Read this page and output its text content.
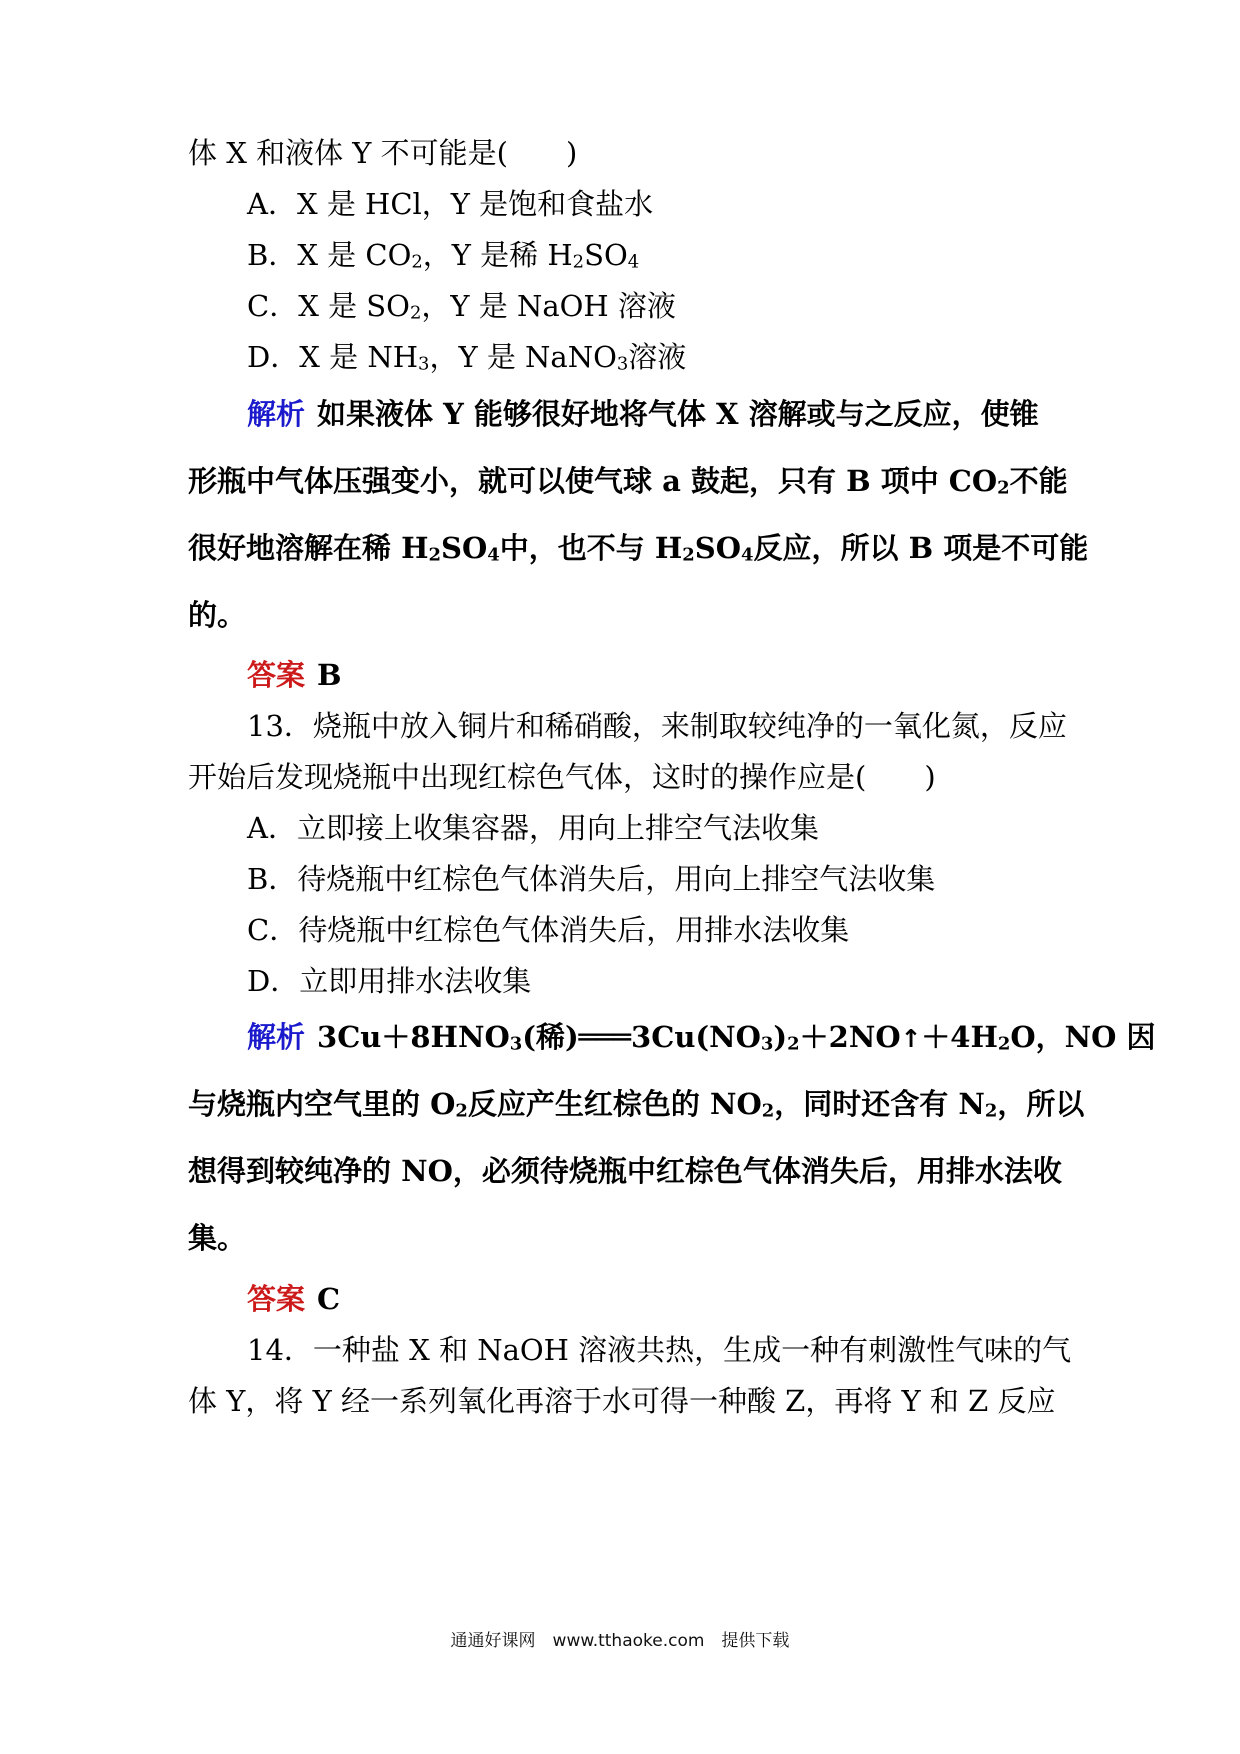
体 X 和液体 Y 不可能是(　　)
A．X 是 HCl，Y 是饱和食盐水
B．X 是 $CO_2$，Y 是稀 $H_2SO_4$
C．X 是 $SO_2$，Y 是 NaOH 溶液
D．X 是 $NH_3$，Y 是 NaNO$_3$溶液
解析 如果液体 Y 能够很好地将气体 X 溶解或与之反应，使锥
形瓶中气体压强变小，就可以使气球 a 鼓起，只有 B 项中 $CO_2$不能
很好地溶解在稀 $H_2SO_4$中，也不与 $H_2SO_4$反应，所以 B 项是不可能
的。
答案 B
13．烧瓶中放入铜片和稀硝酸，来制取较纯净的一氧化氮，反应
开始后发现烧瓶中出现红棕色气体，这时的操作应是(　　)
A．立即接上收集容器，用向上排空气法收集
B．待烧瓶中红棕色气体消失后，用向上排空气法收集
C．待烧瓶中红棕色气体消失后，用排水法收集
D．立即用排水法收集
解析 $3Cu+8HNO_3$(稀)$═══3Cu(NO_3)_2+2NO↑+4H_2O$，NO 因
与烧瓶内空气里的 $O_2$反应产生红棕色的 $NO_2$，同时还含有 $N_2$，所以
想得到较纯净的 NO，必须待烧瓶中红棕色气体消失后，用排水法收
集。
答案 C
14．一种盐 X 和 NaOH 溶液共热，生成一种有刺激性气味的气
体 Y，将 Y 经一系列氧化再溶于水可得一种酸 Z，再将 Y 和 Z 反应
通通好课网　www.tthaoke.com　提供下载
